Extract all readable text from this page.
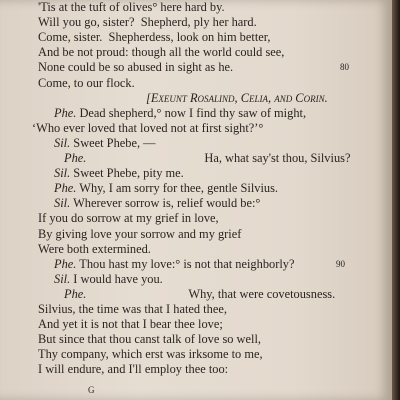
G
'Tis at the tuft of olives° here hard by.
Will you go, sister?  Shepherd, ply her hard.
Come, sister.  Shepherdess, look on him better,
And be not proud: though all the world could see,
None could be so abused in sight as he.
Come, to our flock.
[Exeunt Rosalind, Celia, and Corin.
Phe. Dead shepherd,° now I find thy saw of might,
‘Who ever loved that loved not at first sight?’°
Sil. Sweet Phebe, —
Phe.	Ha, what say'st thou, Silvius?
Sil. Sweet Phebe, pity me.
Phe. Why, I am sorry for thee, gentle Silvius.
Sil. Wherever sorrow is, relief would be:°
If you do sorrow at my grief in love,
By giving love your sorrow and my grief
Were both extermined.
Phe. Thou hast my love:° is not that neighborly?
Sil. I would have you.
Phe.	Why, that were covetousness.
Silvius, the time was that I hated thee,
And yet it is not that I bear thee love;
But since that thou canst talk of love so well,
Thy company, which erst was irksome to me,
I will endure, and I'll employ thee too:
80
90
